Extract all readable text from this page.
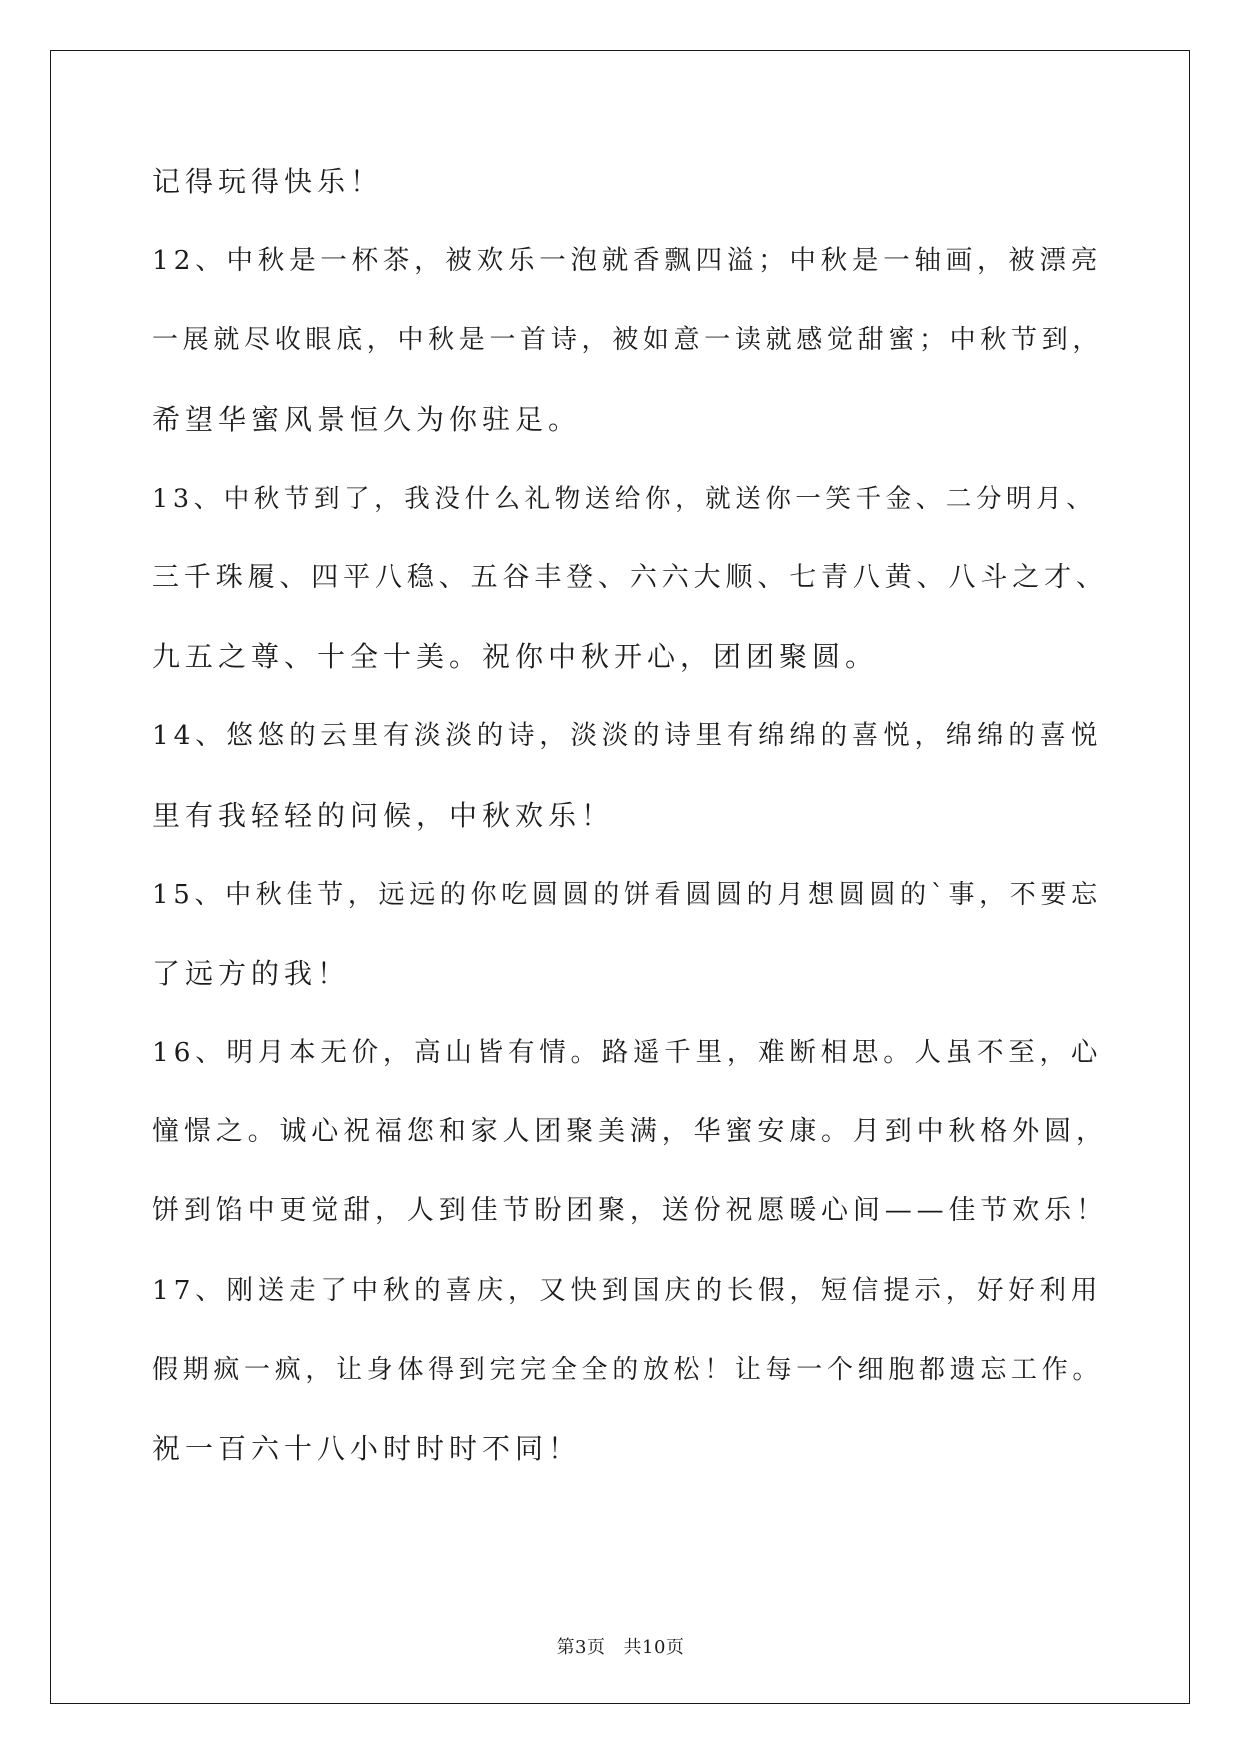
记得玩得快乐！
12、中秋是一杯茶，被欢乐一泡就香飘四溢；中秋是一轴画，被漂亮
一展就尽收眼底，中秋是一首诗，被如意一读就感觉甜蜜；中秋节到，
希望华蜜风景恒久为你驻足。
13、中秋节到了，我没什么礼物送给你，就送你一笑千金、二分明月、
三千珠履、四平八稳、五谷丰登、六六大顺、七青八黄、八斗之才、
九五之尊、十全十美。祝你中秋开心，团团聚圆。
14、悠悠的云里有淡淡的诗，淡淡的诗里有绵绵的喜悦，绵绵的喜悦
里有我轻轻的问候，中秋欢乐！
15、中秋佳节，远远的你吃圆圆的饼看圆圆的月想圆圆的`事，不要忘
了远方的我！
16、明月本无价，高山皆有情。路遥千里，难断相思。人虽不至，心
憧憬之。诚心祝福您和家人团聚美满，华蜜安康。月到中秋格外圆，
饼到馅中更觉甜，人到佳节盼团聚，送份祝愿暖心间——佳节欢乐！
17、刚送走了中秋的喜庆，又快到国庆的长假，短信提示，好好利用
假期疯一疯，让身体得到完完全全的放松！让每一个细胞都遗忘工作。
祝一百六十八小时时时不同！
第3页 共10页
